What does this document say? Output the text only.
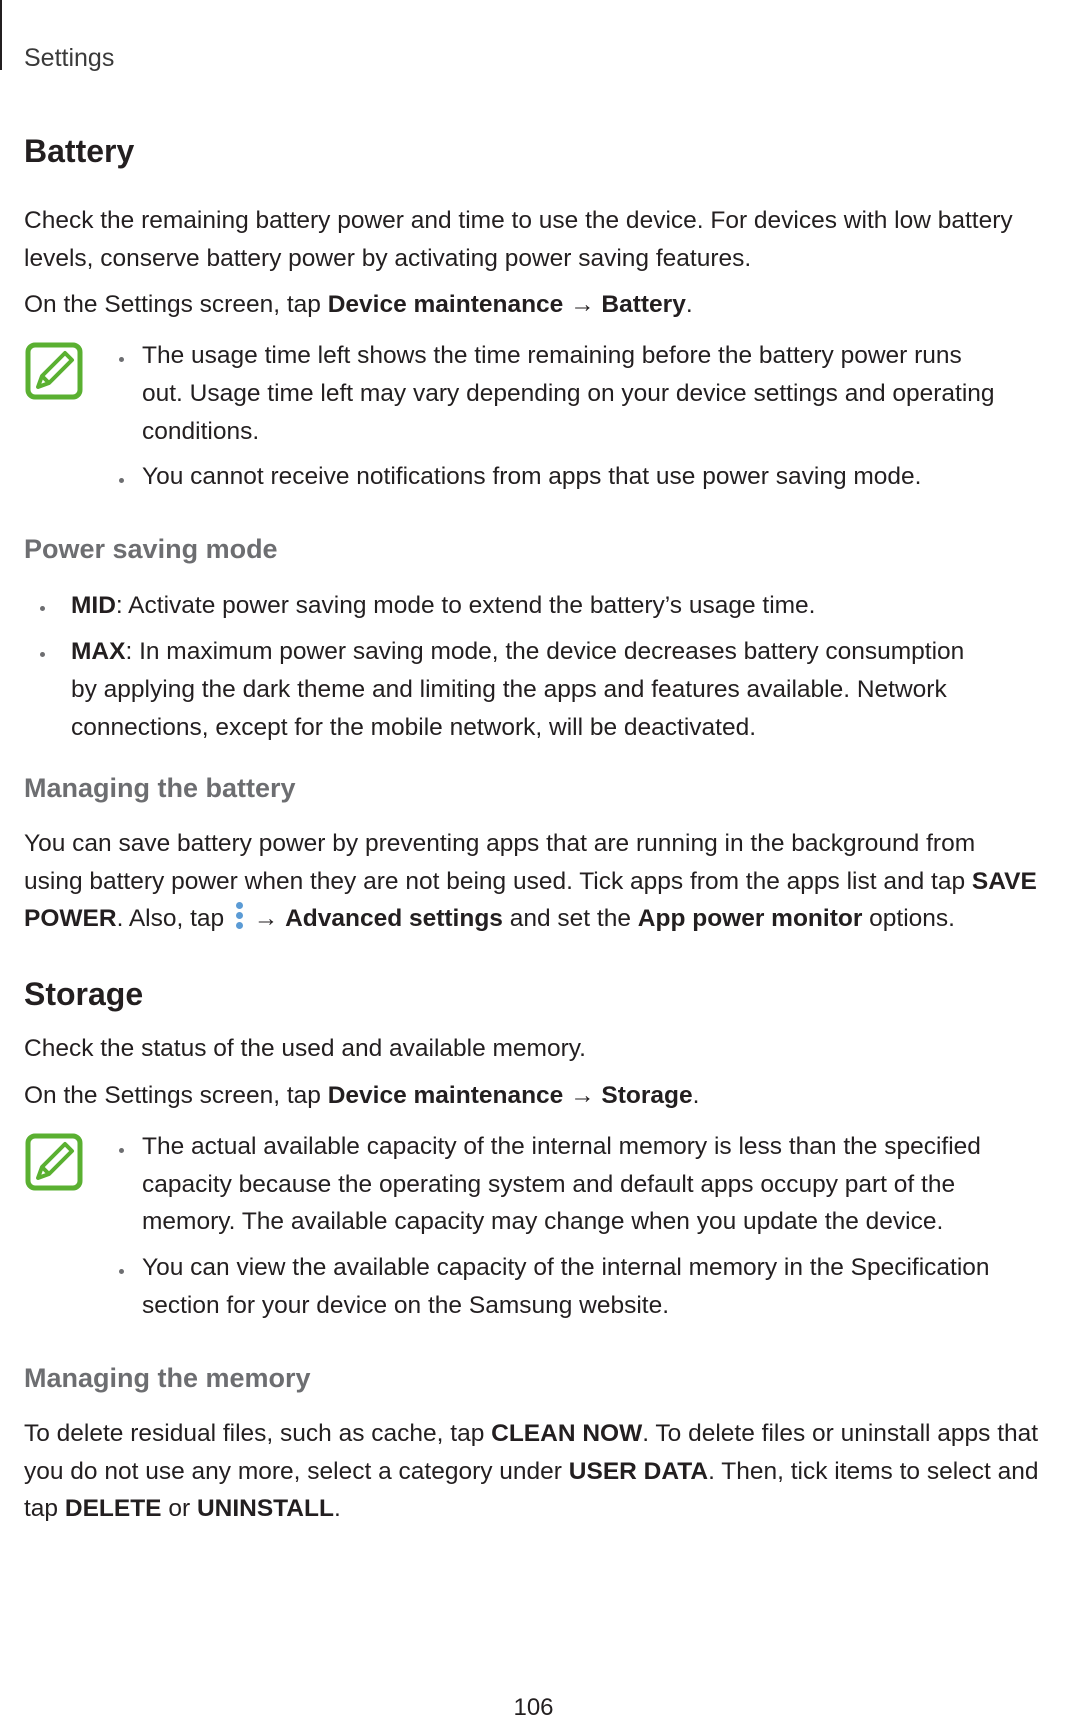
Settings
Battery
Check the remaining battery power and time to use the device. For devices with low battery
levels, conserve battery power by activating power saving features.
On the Settings screen, tap Device maintenance → Battery.
The usage time left shows the time remaining before the battery power runs
out. Usage time left may vary depending on your device settings and operating
conditions.
You cannot receive notifications from apps that use power saving mode.
Power saving mode
MID: Activate power saving mode to extend the battery’s usage time.
MAX: In maximum power saving mode, the device decreases battery consumption
by applying the dark theme and limiting the apps and features available. Network
connections, except for the mobile network, will be deactivated.
Managing the battery
You can save battery power by preventing apps that are running in the background from
using battery power when they are not being used. Tick apps from the apps list and tap SAVE
POWER. Also, tap
→ Advanced settings and set the App power monitor options.
Storage
Check the status of the used and available memory.
On the Settings screen, tap Device maintenance → Storage.
The actual available capacity of the internal memory is less than the specified
capacity because the operating system and default apps occupy part of the
memory. The available capacity may change when you update the device.
You can view the available capacity of the internal memory in the Specification
section for your device on the Samsung website.
Managing the memory
To delete residual files, such as cache, tap CLEAN NOW. To delete files or uninstall apps that
you do not use any more, select a category under USER DATA. Then, tick items to select and
tap DELETE or UNINSTALL.
106
